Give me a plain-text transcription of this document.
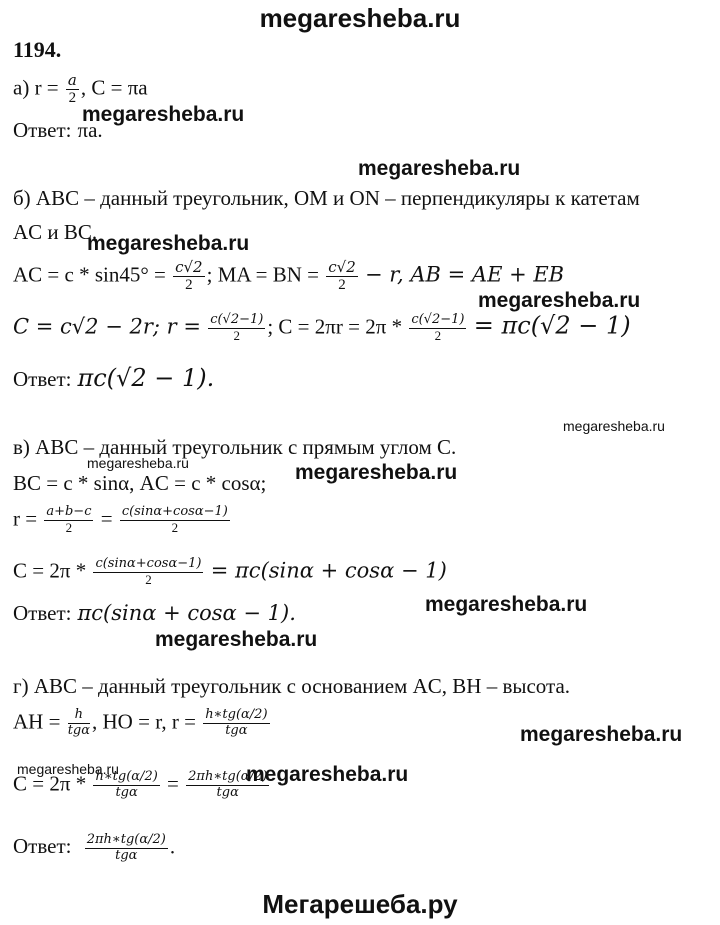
megaresheba.ru
Мегарешеба.ру
1194.
а) $r = \frac{a}{2}$ , C = πa
Ответ: πa.
б) ABC – данный треугольник, OM и ON – перпендикуляры к катетам
AC и BC.
AC = $c * \sin 45^\circ = \frac{c√2}{2}$ ; MA = BN = $\frac{c√2}{2} - r$, AB = AE + EB
C = c√2 − 2r; $r = \frac{c(√2-1)}{2}$ ; $C = 2\pi r = 2\pi * \frac{c(√2-1)}{2} = \pi c(√2 - 1)$
Ответ: πc(√2 − 1).
в) ABC – данный треугольник с прямым углом C.
BC = c * sinα, AC = c * cosα;
$r = \frac{a+b-c}{2} = \frac{c(\sin\alpha+\cos\alpha-1)}{2}$
$C = 2\pi * \frac{c(\sin\alpha+\cos\alpha-1)}{2} = \pi c(\sin\alpha + \cos\alpha - 1)$
Ответ: πc(sinα + cosα − 1).
г) ABC – данный треугольник с основанием AC, BH – высота.
AH = $\frac{h}{\text{tgα}}$ , HO = r, $r = \frac{h∗tg(\alpha/2)}{\text{tgα}}$
$C = 2\pi * \frac{h∗tg(\alpha/2)}{\text{tgα}} = \frac{2\pi h∗tg(\alpha/2)}{\text{tgα}}$
Ответ: $\frac{2\pi h∗tg(\alpha/2)}{\text{tgα}}$ .
megaresheba.ru
megaresheba.ru
megaresheba.ru
megaresheba.ru
megaresheba.ru
megaresheba.ru	megaresheba.ru
megaresheba.ru
megaresheba.ru
megaresheba.ru
megaresheba.ru	megaresheba.ru
